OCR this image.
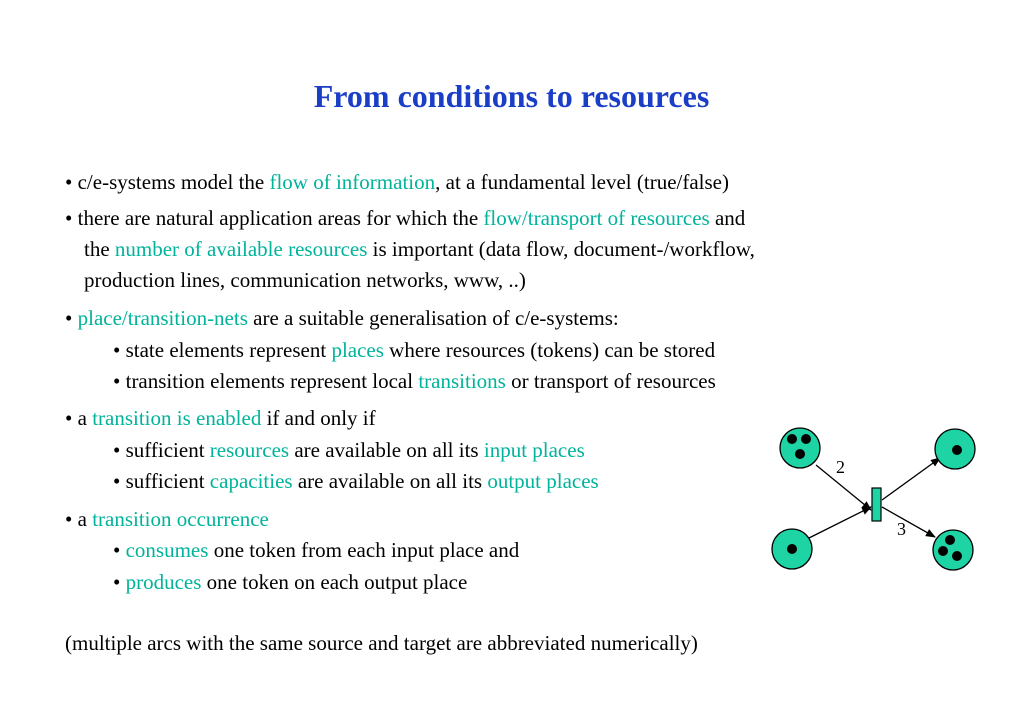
From conditions to resources
• c/e-systems model the flow of information, at a fundamental level (true/false)
• there are natural application areas for which the flow/transport of resources and
the number of available resources is important (data flow, document-/workflow,
production lines, communication networks, www, ..)
• place/transition-nets are a suitable generalisation of c/e-systems:
• state elements represent places where resources (tokens) can be stored
• transition elements represent local transitions or transport of resources
• a transition is enabled if and only if
• sufficient resources are available on all its input places
• sufficient capacities are available on all its output places
• a transition occurrence
• consumes one token from each input place and
• produces one token on each output place
(multiple arcs with the same source and target are abbreviated numerically)
2
3
